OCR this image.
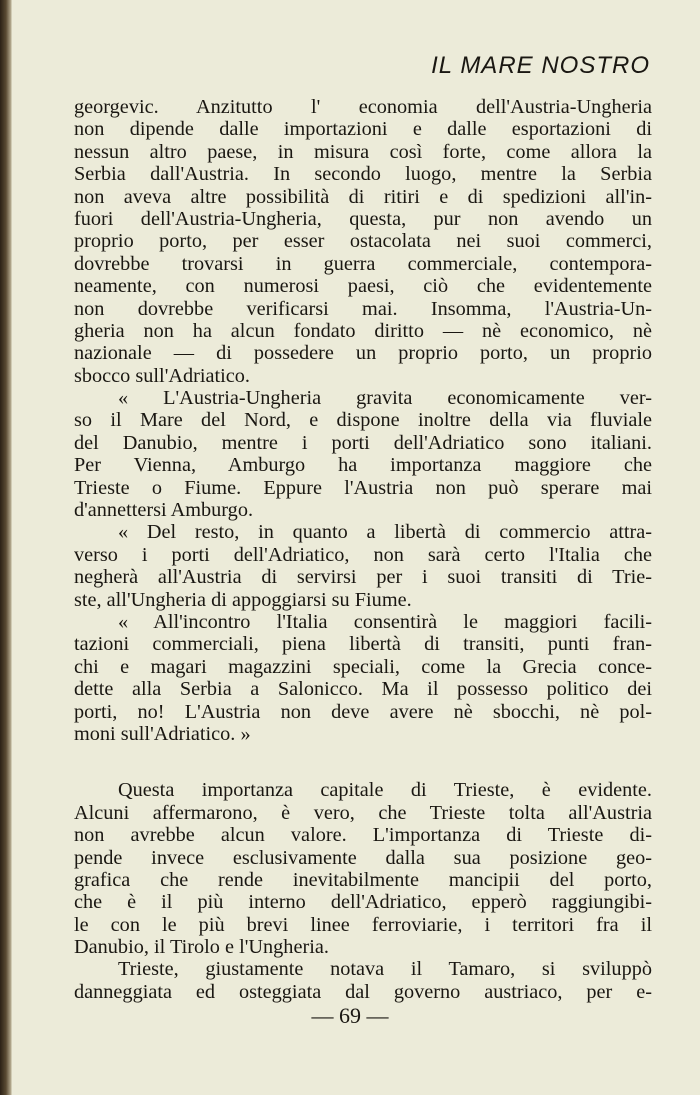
IL MARE NOSTRO
georgevic. Anzitutto l' economia dell'Austria-Ungheria
non dipende dalle importazioni e dalle esportazioni di
nessun altro paese, in misura così forte, come allora la
Serbia dall'Austria. In secondo luogo, mentre la Serbia
non aveva altre possibilità di ritiri e di spedizioni all'in-
fuori dell'Austria-Ungheria, questa, pur non avendo un
proprio porto, per esser ostacolata nei suoi commerci,
dovrebbe trovarsi in guerra commerciale, contempora-
neamente, con numerosi paesi, ciò che evidentemente
non dovrebbe verificarsi mai. Insomma, l'Austria-Un-
gheria non ha alcun fondato diritto — nè economico, nè
nazionale — di possedere un proprio porto, un proprio
sbocco sull'Adriatico.
« L'Austria-Ungheria gravita economicamente ver-
so il Mare del Nord, e dispone inoltre della via fluviale
del Danubio, mentre i porti dell'Adriatico sono italiani.
Per Vienna, Amburgo ha importanza maggiore che
Trieste o Fiume. Eppure l'Austria non può sperare mai
d'annettersi Amburgo.
« Del resto, in quanto a libertà di commercio attra-
verso i porti dell'Adriatico, non sarà certo l'Italia che
negherà all'Austria di servirsi per i suoi transiti di Trie-
ste, all'Ungheria di appoggiarsi su Fiume.
« All'incontro l'Italia consentirà le maggiori facili-
tazioni commerciali, piena libertà di transiti, punti fran-
chi e magari magazzini speciali, come la Grecia conce-
dette alla Serbia a Salonicco. Ma il possesso politico dei
porti, no! L'Austria non deve avere nè sbocchi, nè pol-
moni sull'Adriatico. »
Questa importanza capitale di Trieste, è evidente.
Alcuni affermarono, è vero, che Trieste tolta all'Austria
non avrebbe alcun valore. L'importanza di Trieste di-
pende invece esclusivamente dalla sua posizione geo-
grafica che rende inevitabilmente mancipii del porto,
che è il più interno dell'Adriatico, epperò raggiungibi-
le con le più brevi linee ferroviarie, i territori fra il
Danubio, il Tirolo e l'Ungheria.
Trieste, giustamente notava il Tamaro, si sviluppò
danneggiata ed osteggiata dal governo austriaco, per e-
— 69 —
